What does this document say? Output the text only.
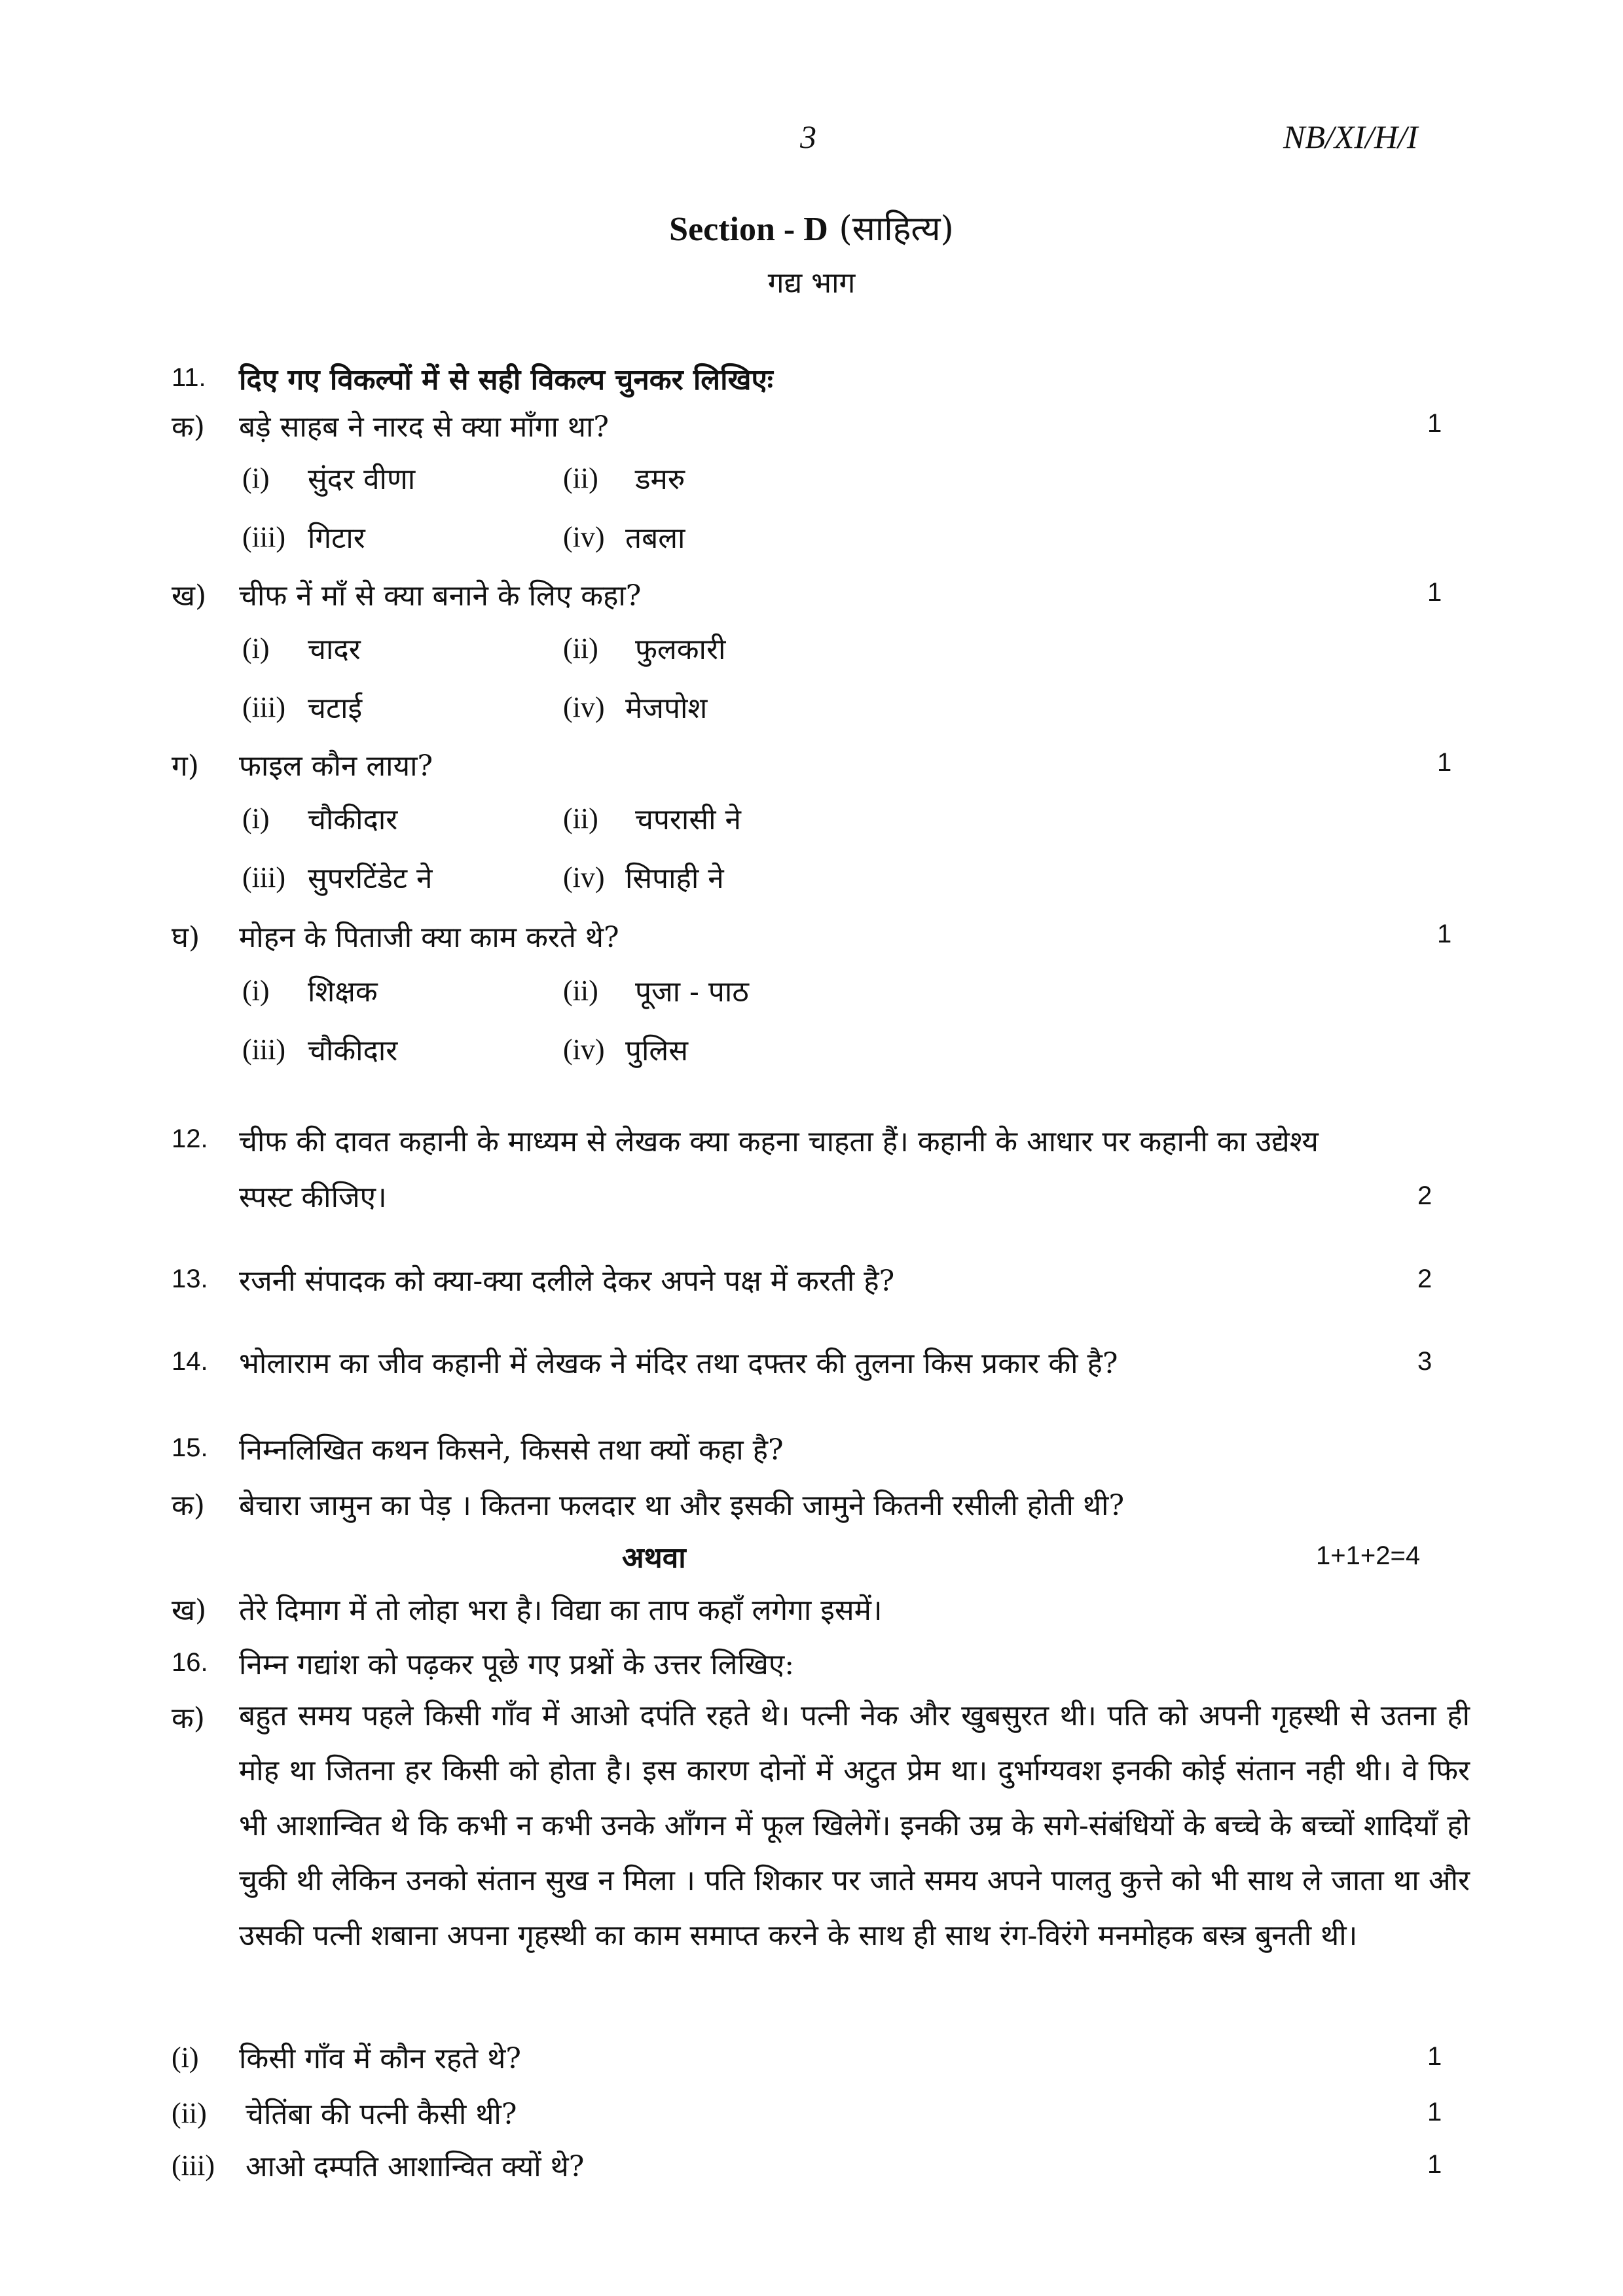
3	NB/XI/H/I
Section - D (साहित्य)
गद्य भाग
11. दिए गए विकल्पों में से सही विकल्प चुनकर लिखिएः
क) बड़े साहब ने नारद से क्या माँगा था?	1
(i) सुंदर वीणा	(ii) डमरु
(iii) गिटार	(iv) तबला
ख) चीफ नें माँ से क्या बनाने के लिए कहा?	1
(i) चादर	(ii) फुलकारी
(iii) चटाई	(iv) मेजपोश
ग) फाइल कौन लाया?	1
(i) चौकीदार	(ii) चपरासी ने
(iii) सुपरटिंडेट ने	(iv) सिपाही ने
घ) मोहन के पिताजी क्या काम करते थे?	1
(i) शिक्षक	(ii) पूजा - पाठ
(iii) चौकीदार	(iv) पुलिस
12. चीफ की दावत कहानी के माध्यम से लेखक क्या कहना चाहता हैं। कहानी के आधार पर कहानी का उद्येश्य
स्पस्ट कीजिए।	2
13. रजनी संपादक को क्या-क्या दलीले देकर अपने पक्ष में करती है?	2
14. भोलाराम का जीव कहानी में लेखक ने मंदिर तथा दफ्तर की तुलना किस प्रकार की है?	3
15. निम्नलिखित कथन किसने, किससे तथा क्यों कहा है?
क) बेचारा जामुन का पेड़ । कितना फलदार था और इसकी जामुने कितनी रसीली होती थी?
अथवा	1+1+2=4
ख) तेरे दिमाग में तो लोहा भरा है। विद्या का ताप कहाँ लगेगा इसमें।
16. निम्न गद्यांश को पढ़कर पूछे गए प्रश्नों के उत्तर लिखिए:
क) बहुत समय पहले किसी गाँव में आओ दपंति रहते थे। पत्नी नेक और खुबसुरत थी। पति को अपनी गृहस्थी से उतना ही मोह था जितना हर किसी को होता है। इस कारण दोनों में अटुत प्रेम था। दुर्भाग्यवश इनकी कोई संतान नही थी। वे फिर भी आशान्वित थे कि कभी न कभी उनके आँगन में फूल खिलेगें। इनकी उम्र के सगे-संबंधियों के बच्चे के बच्चों शादियाँ हो चुकी थी लेकिन उनको संतान सुख न मिला । पति शिकार पर जाते समय अपने पालतु कुत्ते को भी साथ ले जाता था और उसकी पत्नी शबाना अपना गृहस्थी का काम समाप्त करने के साथ ही साथ रंग-विरंगे मनमोहक बस्त्र बुनती थी।
(i) किसी गाँव में कौन रहते थे?	1
(ii) चेतिंबा की पत्नी कैसी थी?	1
(iii) आओ दम्पति आशान्वित क्यों थे?	1
